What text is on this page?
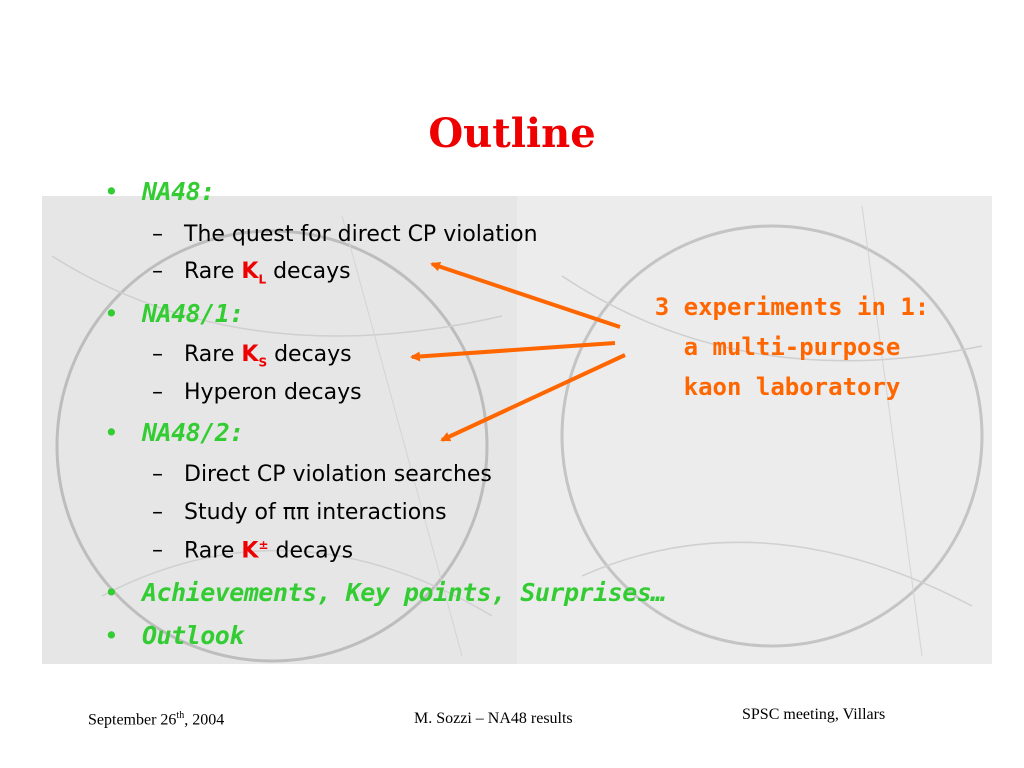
Outline
• NA48:
– The quest for direct CP violation
– Rare $K_L$ decays
• NA48/1:
– Rare $K_S$ decays
– Hyperon decays
• NA48/2:
– Direct CP violation searches
– Study of ππ interactions
– Rare K± decays
• Achievements, Key points, Surprises…
• Outlook
3 experiments in 1:
a multi-purpose
kaon laboratory
September 26th, 2004	M. Sozzi – NA48 results	SPSC meeting, Villars
